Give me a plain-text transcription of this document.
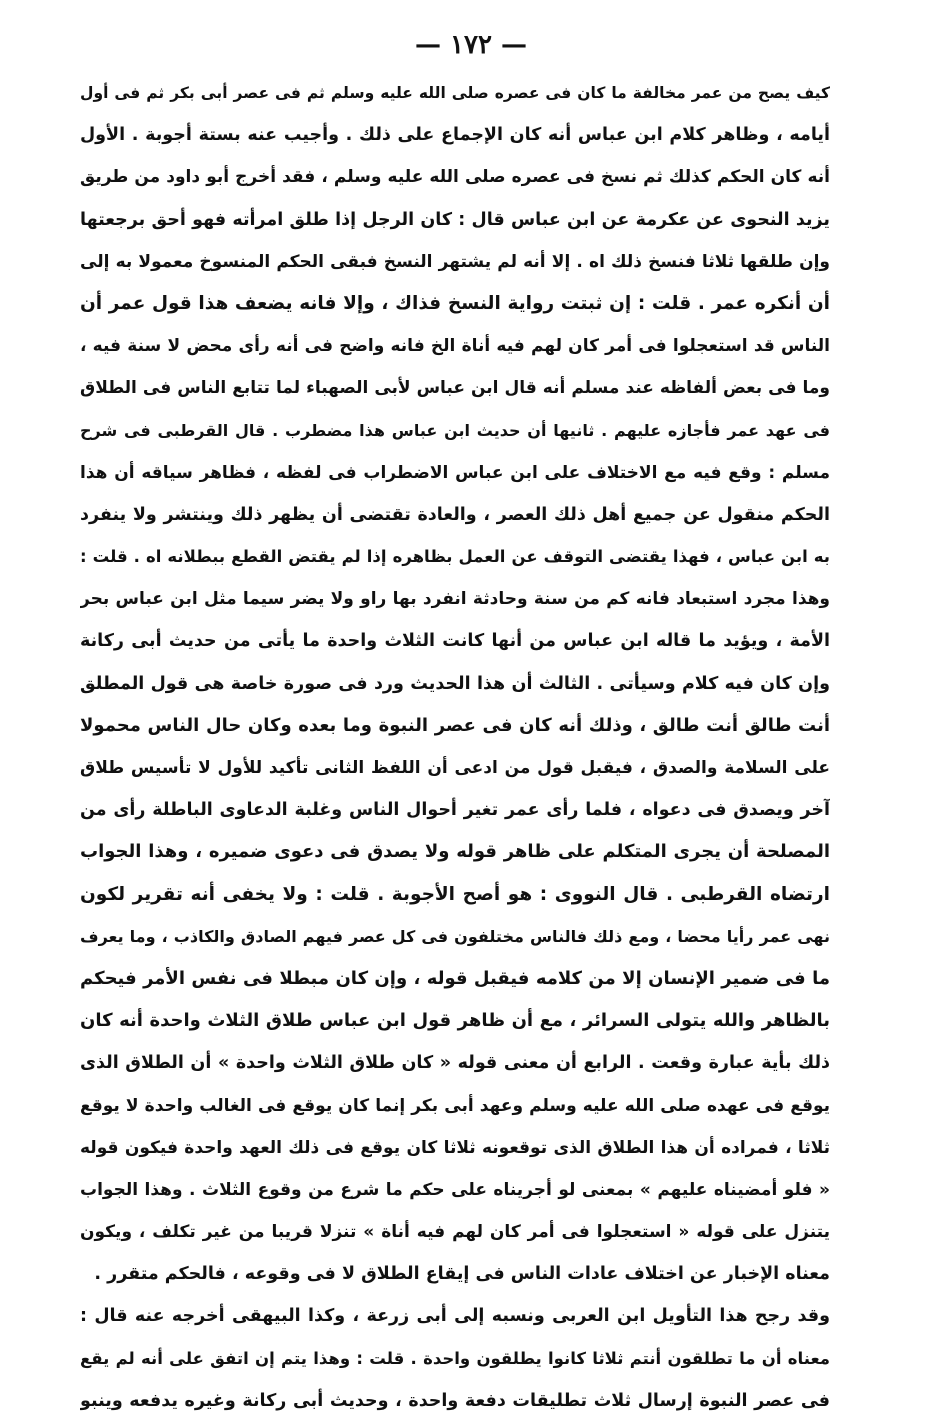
— ١٧٢ —
كيف يصح من عمر مخالفة ما كان فى عصره صلى الله عليه وسلم ثم فى عصر أبى بكر ثم فى أول
أيامه ، وظاهر كلام ابن عباس أنه كان الإجماع على ذلك . وأجيب عنه بستة أجوبة . الأول
أنه كان الحكم كذلك ثم نسخ فى عصره صلى الله عليه وسلم ، فقد أخرج أبو داود من طريق
يزيد النحوى عن عكرمة عن ابن عباس قال : كان الرجل إذا طلق امرأته فهو أحق برجعتها
وإن طلقها ثلاثا فنسخ ذلك اه . إلا أنه لم يشتهر النسخ فبقى الحكم المنسوخ معمولا به إلى
أن أنكره عمر . قلت : إن ثبتت رواية النسخ فذاك ، وإلا فانه يضعف هذا قول عمر أن
الناس قد استعجلوا فى أمر كان لهم فيه أناة الخ فانه واضح فى أنه رأى محض لا سنة فيه ،
وما فى بعض ألفاظه عند مسلم أنه قال ابن عباس لأبى الصهباء لما تتابع الناس فى الطلاق
فى عهد عمر فأجازه عليهم . ثانيها أن حديث ابن عباس هذا مضطرب . قال القرطبى فى شرح
مسلم : وقع فيه مع الاختلاف على ابن عباس الاضطراب فى لفظه ، فظاهر سياقه أن هذا
الحكم منقول عن جميع أهل ذلك العصر ، والعادة تقتضى أن يظهر ذلك وينتشر ولا ينفرد
به ابن عباس ، فهذا يقتضى التوقف عن العمل بظاهره إذا لم يقتض القطع ببطلانه اه . قلت :
وهذا مجرد استبعاد فانه كم من سنة وحادثة انفرد بها راو ولا يضر سيما مثل ابن عباس بحر
الأمة ، ويؤيد ما قاله ابن عباس من أنها كانت الثلاث واحدة ما يأتى من حديث أبى ركانة
وإن كان فيه كلام وسيأتى . الثالث أن هذا الحديث ورد فى صورة خاصة هى قول المطلق
أنت طالق أنت طالق ، وذلك أنه كان فى عصر النبوة وما بعده وكان حال الناس محمولا
على السلامة والصدق ، فيقبل قول من ادعى أن اللفظ الثانى تأكيد للأول لا تأسيس طلاق
آخر ويصدق فى دعواه ، فلما رأى عمر تغير أحوال الناس وغلبة الدعاوى الباطلة رأى من
المصلحة أن يجرى المتكلم على ظاهر قوله ولا يصدق فى دعوى ضميره ، وهذا الجواب
ارتضاه القرطبى . قال النووى : هو أصح الأجوبة . قلت : ولا يخفى أنه تقرير لكون
نهى عمر رأيا محضا ، ومع ذلك فالناس مختلفون فى كل عصر فيهم الصادق والكاذب ، وما يعرف
ما فى ضمير الإنسان إلا من كلامه فيقبل قوله ، وإن كان مبطلا فى نفس الأمر فيحكم
بالظاهر والله يتولى السرائر ، مع أن ظاهر قول ابن عباس طلاق الثلاث واحدة أنه كان
ذلك بأية عبارة وقعت . الرابع أن معنى قوله « كان طلاق الثلاث واحدة » أن الطلاق الذى
يوقع فى عهده صلى الله عليه وسلم وعهد أبى بكر إنما كان يوقع فى الغالب واحدة لا يوقع
ثلاثا ، فمراده أن هذا الطلاق الذى توقعونه ثلاثا كان يوقع فى ذلك العهد واحدة فيكون قوله
« فلو أمضيناه عليهم » بمعنى لو أجريناه على حكم ما شرع من وقوع الثلاث . وهذا الجواب
يتنزل على قوله « استعجلوا فى أمر كان لهم فيه أناة » تنزلا قريبا من غير تكلف ، ويكون
معناه الإخبار عن اختلاف عادات الناس فى إيقاع الطلاق لا فى وقوعه ، فالحكم متقرر .
وقد رجح هذا التأويل ابن العربى ونسبه إلى أبى زرعة ، وكذا البيهقى أخرجه عنه قال :
معناه أن ما تطلقون أنتم ثلاثا كانوا يطلقون واحدة . قلت : وهذا يتم إن اتفق على أنه لم يقع
فى عصر النبوة إرسال ثلاث تطليقات دفعة واحدة ، وحديث أبى ركانة وغيره يدفعه وينبو
